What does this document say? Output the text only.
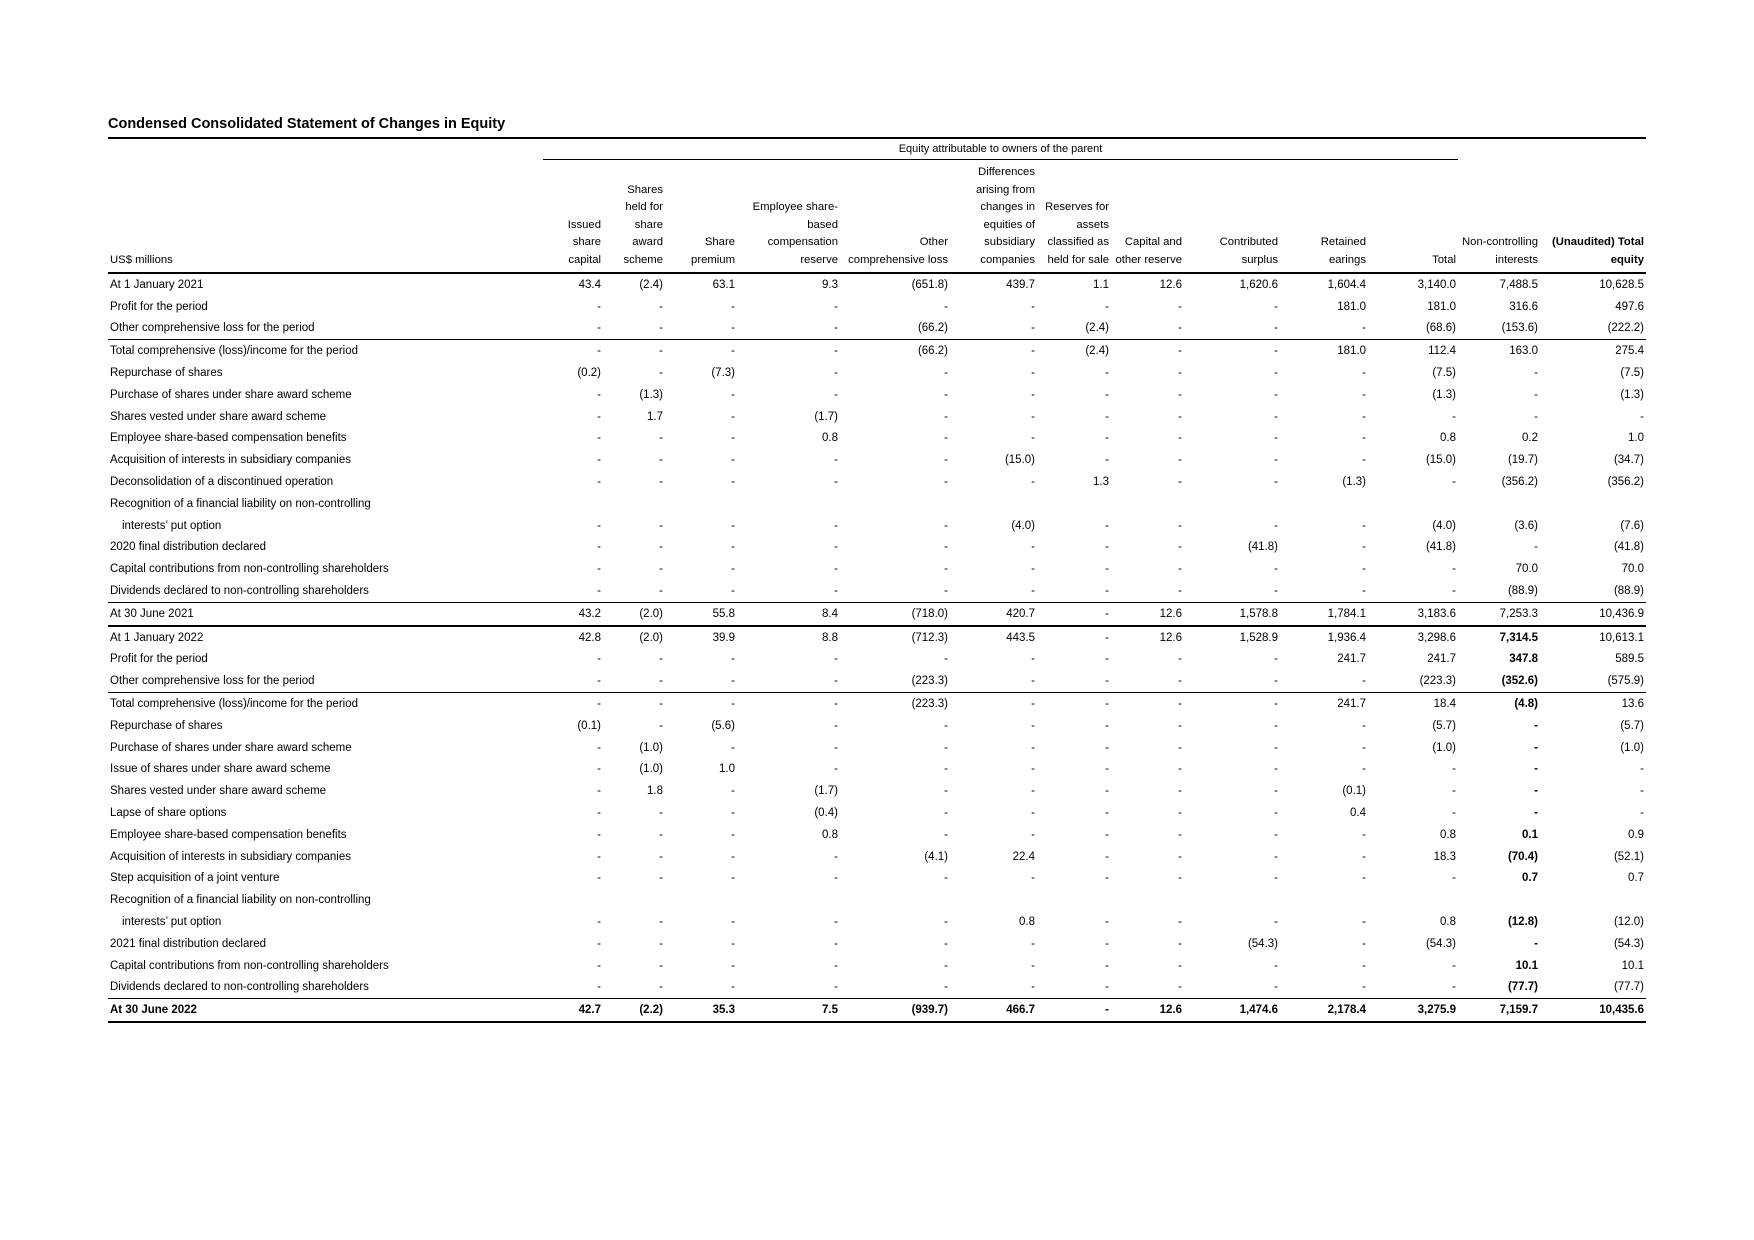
Condensed Consolidated Statement of Changes in Equity
	Equity attributable to owners of the parent												
US$ millions	Issued share capital	Shares held for share award scheme	Share premium	Employee share-based compensation reserve	Other comprehensive loss	Differences arising from changes in equities of subsidiary companies	Reserves for assets classified as held for sale	Capital and other reserve	Contributed surplus	Retained earings	Total	Non-controlling interests	(Unaudited) Total equity
At 1 January 2021	43.4	(2.4)	63.1	9.3	(651.8)	439.7	1.1	12.6	1,620.6	1,604.4	3,140.0	7,488.5	10,628.5
Profit for the period	-	-	-	-	-	-	-	-	-	181.0	181.0	316.6	497.6
Other comprehensive loss for the period	-	-	-	-	(66.2)	-	(2.4)	-	-	-	(68.6)	(153.6)	(222.2)
Total comprehensive (loss)/income for the period	-	-	-	-	(66.2)	-	(2.4)	-	-	181.0	112.4	163.0	275.4
Repurchase of shares	(0.2)	-	(7.3)	-	-	-	-	-	-	-	(7.5)	-	(7.5)
Purchase of shares under share award scheme	-	(1.3)	-	-	-	-	-	-	-	-	(1.3)	-	(1.3)
Shares vested under share award scheme	-	1.7	-	(1.7)	-	-	-	-	-	-	-	-	-
Employee share-based compensation benefits	-	-	-	0.8	-	-	-	-	-	-	0.8	0.2	1.0
Acquisition of interests in subsidiary companies	-	-	-	-	-	(15.0)	-	-	-	-	(15.0)	(19.7)	(34.7)
Deconsolidation of a discontinued operation	-	-	-	-	-	-	1.3	-	-	(1.3)	-	(356.2)	(356.2)
Recognition of a financial liability on non-controlling													
interests’ put option	-	-	-	-	-	(4.0)	-	-	-	-	(4.0)	(3.6)	(7.6)
2020 final distribution declared	-	-	-	-	-	-	-	-	(41.8)	-	(41.8)	-	(41.8)
Capital contributions from non-controlling shareholders	-	-	-	-	-	-	-	-	-	-	-	70.0	70.0
Dividends declared to non-controlling shareholders	-	-	-	-	-	-	-	-	-	-	-	(88.9)	(88.9)
At 30 June 2021	43.2	(2.0)	55.8	8.4	(718.0)	420.7	-	12.6	1,578.8	1,784.1	3,183.6	7,253.3	10,436.9
At 1 January 2022	42.8	(2.0)	39.9	8.8	(712.3)	443.5	-	12.6	1,528.9	1,936.4	3,298.6	7,314.5	10,613.1
Profit for the period	-	-	-	-	-	-	-	-	-	241.7	241.7	347.8	589.5
Other comprehensive loss for the period	-	-	-	-	(223.3)	-	-	-	-	-	(223.3)	(352.6)	(575.9)
Total comprehensive (loss)/income for the period	-	-	-	-	(223.3)	-	-	-	-	241.7	18.4	(4.8)	13.6
Repurchase of shares	(0.1)	-	(5.6)	-	-	-	-	-	-	-	(5.7)	-	(5.7)
Purchase of shares under share award scheme	-	(1.0)	-	-	-	-	-	-	-	-	(1.0)	-	(1.0)
Issue of shares under share award scheme	-	(1.0)	1.0	-	-	-	-	-	-	-	-	-	-
Shares vested under share award scheme	-	1.8	-	(1.7)	-	-	-	-	-	(0.1)	-	-	-
Lapse of share options	-	-	-	(0.4)	-	-	-	-	-	0.4	-	-	-
Employee share-based compensation benefits	-	-	-	0.8	-	-	-	-	-	-	0.8	0.1	0.9
Acquisition of interests in subsidiary companies	-	-	-	-	(4.1)	22.4	-	-	-	-	18.3	(70.4)	(52.1)
Step acquisition of a joint venture	-	-	-	-	-	-	-	-	-	-	-	0.7	0.7
Recognition of a financial liability on non-controlling													
interests’ put option	-	-	-	-	-	0.8	-	-	-	-	0.8	(12.8)	(12.0)
2021 final distribution declared	-	-	-	-	-	-	-	-	(54.3)	-	(54.3)	-	(54.3)
Capital contributions from non-controlling shareholders	-	-	-	-	-	-	-	-	-	-	-	10.1	10.1
Dividends declared to non-controlling shareholders	-	-	-	-	-	-	-	-	-	-	-	(77.7)	(77.7)
At 30 June 2022	42.7	(2.2)	35.3	7.5	(939.7)	466.7	-	12.6	1,474.6	2,178.4	3,275.9	7,159.7	10,435.6
